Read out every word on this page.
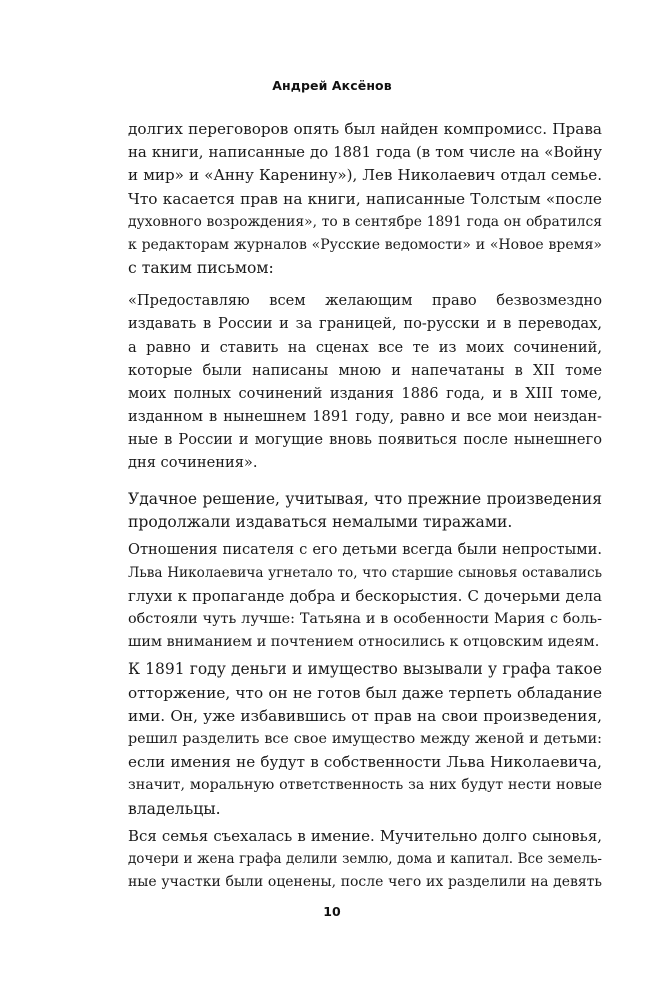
Андрей Аксёнов
долгих переговоров опять был найден компромисс. Права
на книги, написанные до 1881 года (в том числе на «Войну
и мир» и «Анну Каренину»), Лев Николаевич отдал семье.
Что касается прав на книги, написанные Толстым «после
духовного возрождения», то в сентябре 1891 года он обратился
к редакторам журналов «Русские ведомости» и «Новое время»
с таким письмом:
«Предоставляю всем желающим право безвозмездно
издавать в России и за границей, по-русски и в переводах,
а равно и ставить на сценах все те из моих сочинений,
которые были написаны мною и напечатаны в XII томе
моих полных сочинений издания 1886 года, и в XIII томе,
изданном в нынешнем 1891 году, равно и все мои неиздан-
ные в России и могущие вновь появиться после нынешнего
дня сочинения».
Удачное решение, учитывая, что прежние произведения
продолжали издаваться немалыми тиражами.
Отношения писателя с его детьми всегда были непростыми.
Льва Николаевича угнетало то, что старшие сыновья оставались
глухи к пропаганде добра и бескорыстия. С дочерьми дела
обстояли чуть лучше: Татьяна и в особенности Мария с боль-
шим вниманием и почтением относились к отцовским идеям.
К 1891 году деньги и имущество вызывали у графа такое
отторжение, что он не готов был даже терпеть обладание
ими. Он, уже избавившись от прав на свои произведения,
решил разделить все свое имущество между женой и детьми:
если имения не будут в собственности Льва Николаевича,
значит, моральную ответственность за них будут нести новые
владельцы.
Вся семья съехалась в имение. Мучительно долго сыновья,
дочери и жена графа делили землю, дома и капитал. Все земель-
ные участки были оценены, после чего их разделили на девять
10
